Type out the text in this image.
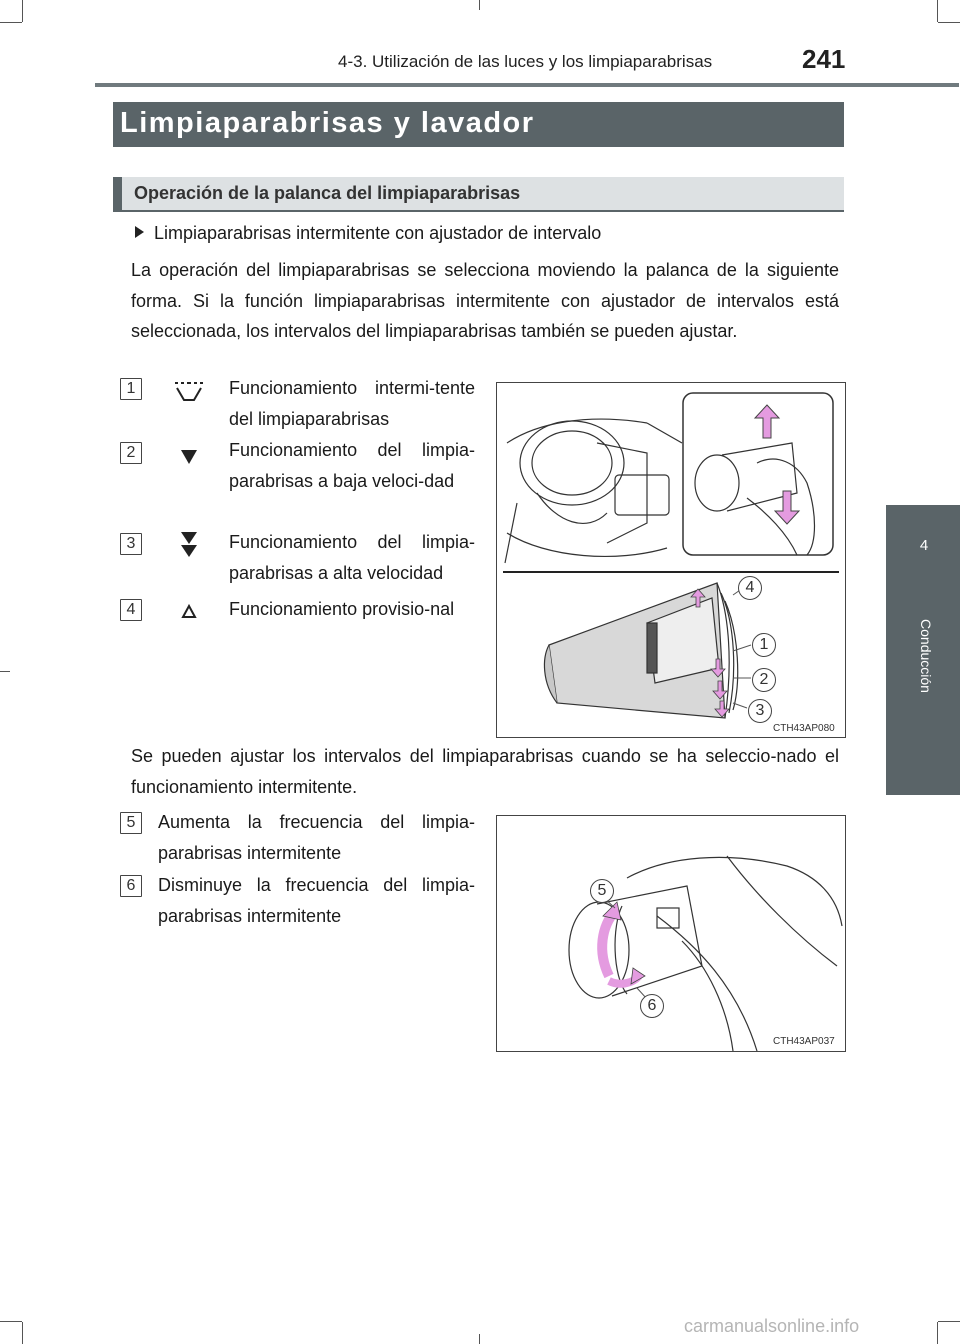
4-3. Utilización de las luces y los limpiaparabrisas	241
4
Conducción
Limpiaparabrisas y lavador
Operación de la palanca del limpiaparabrisas
Limpiaparabrisas intermitente con ajustador de intervalo
La operación del limpiaparabrisas se selecciona moviendo la palanca de la siguiente forma. Si la función limpiaparabrisas intermitente con ajustador de intervalos está seleccionada, los intervalos del limpiaparabrisas también se pueden ajustar.
1	Funcionamiento intermi-tente del limpiaparabrisas
2	Funcionamiento del limpia-parabrisas a baja veloci-dad
3	Funcionamiento del limpia-parabrisas a alta velocidad
4	Funcionamiento provisio-nal
4
1
2
3
CTH43AP080
Se pueden ajustar los intervalos del limpiaparabrisas cuando se ha seleccio-nado el funcionamiento intermitente.
5	Aumenta la frecuencia del limpia-parabrisas intermitente
6	Disminuye la frecuencia del limpia-parabrisas intermitente
5
6
CTH43AP037
carmanualsonline.info
